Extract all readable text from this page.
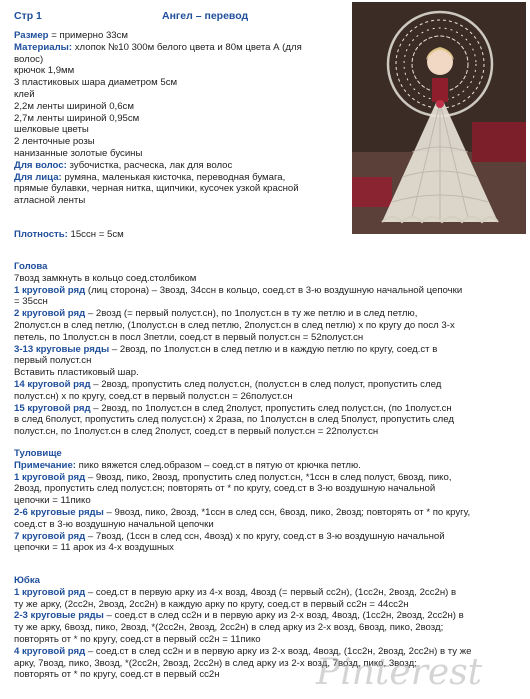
Стр 1	Ангел – перевод
Размер = примерно 33см
Материалы: хлопок №10 300м белого цвета и 80м цвета А (для
волос)
крючок 1,9мм
3 пластиковых шара диаметром 5см
клей
2,2м ленты шириной 0,6см
2,7м ленты шириной 0,95см
шелковые цветы
2 ленточные розы
нанизанные золотые бусины
Для волос: зубочистка, расческа, лак для волос
Для лица: румяна, маленькая кисточка, переводная бумага,
прямые булавки, черная нитка, щипчики, кусочек узкой красной
атласной ленты
Плотность: 15ссн = 5см
Голова
7возд замкнуть в кольцо соед.столбиком
1 круговой ряд (лиц сторона) – 3возд, 34ссн в кольцо, соед.ст в 3-ю воздушную начальной цепочки
= 35ссн
2 круговой ряд – 2возд (= первый полуст.сн), по 1полуст.сн в ту же петлю и в след петлю,
2полуст.сн в след петлю, (1полуст.сн в след петлю, 2полуст.сн в след петлю) х по кругу до посл 3-х
петель, по 1полуст.сн в посл 3петли, соед.ст в первый полуст.сн = 52полуст.сн
3-13 круговые ряды – 2возд, по 1полуст.сн в след петлю и в каждую петлю по кругу, соед.ст в
первый полуст.сн
Вставить пластиковый шар.
14 круговой ряд – 2возд, пропустить след полуст.сн, (полуст.сн в след полуст, пропустить след
полуст.сн) х по кругу, соед.ст в первый полуст.сн = 26полуст.сн
15 круговой ряд – 2возд, по 1полуст.сн в след 2полуст, пропустить след полуст.сн, (по 1полуст.сн
в след 6полуст, пропустить след полуст.сн) х 2раза, по 1полуст.сн в след 5полуст, пропустить след
полуст.сн, по 1полуст.сн в след 2полуст, соед.ст в первый полуст.сн = 22полуст.сн
Туловище
Примечание: пико вяжется след.образом – соед.ст в пятую от крючка петлю.
1 круговой ряд – 9возд, пико, 2возд, пропустить след полуст.сн, *1ссн в след полуст, 6возд, пико,
2возд, пропустить след полуст.сн; повторять от * по кругу, соед.ст в 3-ю воздушную начальной
цепочки = 11пико
2-6 круговые ряды – 9возд, пико, 2возд, *1ссн в след ссн, 6возд, пико, 2возд; повторять от * по кругу,
соед.ст в 3-ю воздушную начальной цепочки
7 круговой ряд – 7возд, (1ссн в след ссн, 4возд) х по кругу, соед.ст в 3-ю воздушную начальной
цепочки = 11 арок из 4-х воздушных
Юбка
1 круговой ряд – соед.ст в первую арку из 4-х возд, 4возд (= первый сс2н), (1сс2н, 2возд, 2сс2н) в
ту же арку, (2сс2н, 2возд, 2сс2н) в каждую арку по кругу, соед.ст в первый сс2н = 44сс2н
2-3 круговые ряды – соед.ст в след сс2н и в первую арку из 2-х возд, 4возд, (1сс2н, 2возд, 2сс2н) в
ту же арку, 6возд, пико, 2возд, *(2сс2н, 2возд, 2сс2н) в след арку из 2-х возд, 6возд, пико, 2возд;
повторять от * по кругу, соед.ст в первый сс2н = 11пико
4 круговой ряд – соед.ст в след сс2н и в первую арку из 2-х возд, 4возд, (1сс2н, 2возд, 2сс2н) в ту же
арку, 7возд, пико, 3возд, *(2сс2н, 2возд, 2сс2н) в след арку из 2-х возд, 7возд, пико, 3возд;
повторять от * по кругу, соед.ст в первый сс2н	Pinterest
